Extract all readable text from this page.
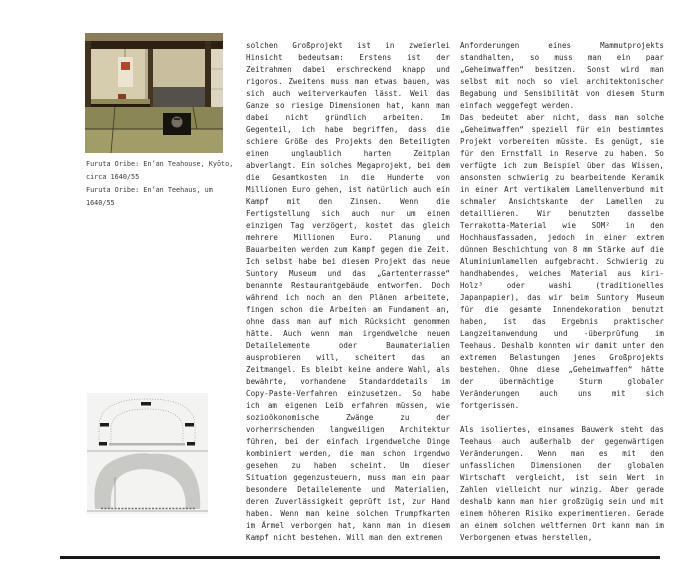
Furuta Oribe: En’an Teahouse, Kyōto,
circa 1640/55
Furuta Oribe: En’an Teehaus, um
1640/55

solchen Großprojekt ist in zweierlei Hinsicht bedeutsam: Erstens ist der Zeitrahmen dabei erschreckend knapp und rigoros. Zweitens muss man etwas bauen, was sich auch weiterverkaufen lässt. Weil das Ganze so riesige Dimensionen hat, kann man dabei nicht gründlich arbeiten. Im Gegenteil, ich habe begriffen, dass die schiere Größe des Projekts den Beteiligten einen unglaublich harten Zeitplan abverlangt. Ein solches Megaprojekt, bei dem die Gesamtkosten in die Hunderte von Millionen Euro gehen, ist natürlich auch ein Kampf mit den Zinsen. Wenn die Fertigstellung sich auch nur um einen einzigen Tag verzögert, kostet das gleich mehrere Millionen Euro. Planung und Bauarbeiten werden zum Kampf gegen die Zeit. Ich selbst habe bei diesem Projekt das neue Suntory Museum und das „Gartenterrasse“ benannte Restaurantgebäude entworfen. Doch während ich noch an den Plänen arbeitete, fingen schon die Arbeiten am Fundament an, ohne dass man auf mich Rücksicht genommen hätte. Auch wenn man irgendwelche neuen Detailelemente oder Baumaterialien ausprobieren will, scheitert das an Zeitmangel. Es bleibt keine andere Wahl, als bewährte, vorhandene Standarddetails im Copy-Paste-Verfahren einzusetzen. So habe ich am eigenen Leib erfahren müssen, wie sozioökonomische Zwänge zu der vorherrschenden langweiligen Architektur führen, bei der einfach irgendwelche Dinge kombiniert werden, die man schon irgendwo gesehen zu haben scheint. Um dieser Situation gegenzusteuern, muss man ein paar besondere Detailelemente und Materialien, deren Zuverlässigkeit geprüft ist, zur Hand haben. Wenn man keine solchen Trumpfkarten im Ärmel verborgen hat, kann man in diesem Kampf nicht bestehen. Will man den extremen

Anforderungen eines Mammutprojekts standhalten, so muss man ein paar „Geheimwaffen“ besitzen. Sonst wird man selbst mit noch so viel architektonischer Begabung und Sensibilität von diesem Sturm einfach weggefegt werden.

Das bedeutet aber nicht, dass man solche „Geheimwaffen“ speziell für ein bestimmtes Projekt vorbereiten müsste. Es genügt, sie für den Ernstfall in Reserve zu haben. So verfügte ich zum Beispiel über das Wissen, ansonsten schwierig zu bearbeitende Keramik in einer Art vertikalem Lamellenverbund mit schmaler Ansichtskante der Lamellen zu detaillieren. Wir benutzten dasselbe Terrakotta-Material wie SOM² in den Hochhausfassaden, jedoch in einer extrem dünnen Beschichtung von 8 mm Stärke auf die Aluminiumlamellen aufgebracht. Schwierig zu handhabendes, weiches Material aus kiri-Holz³ oder washi (traditionelles Japanpapier), das wir beim Suntory Museum für die gesamte Innendekoration benutzt haben, ist das Ergebnis praktischer Langzeitanwendung und -überprüfung im Teehaus. Deshalb konnten wir damit unter den extremen Belastungen jenes Großprojekts bestehen. Ohne diese „Geheimwaffen“ hätte der übermächtige Sturm globaler Veränderungen auch uns mit sich fortgerissen.

Als isoliertes, einsames Bauwerk steht das Teehaus auch außerhalb der gegenwärtigen Veränderungen. Wenn man es mit den unfasslichen Dimensionen der globalen Wirtschaft vergleicht, ist sein Wert in Zahlen vielleicht nur winzig. Aber gerade deshalb kann man hier großzügig sein und mit einem höheren Risiko experimentieren. Gerade an einem solchen weltfernen Ort kann man im Verborgenen etwas herstellen,
